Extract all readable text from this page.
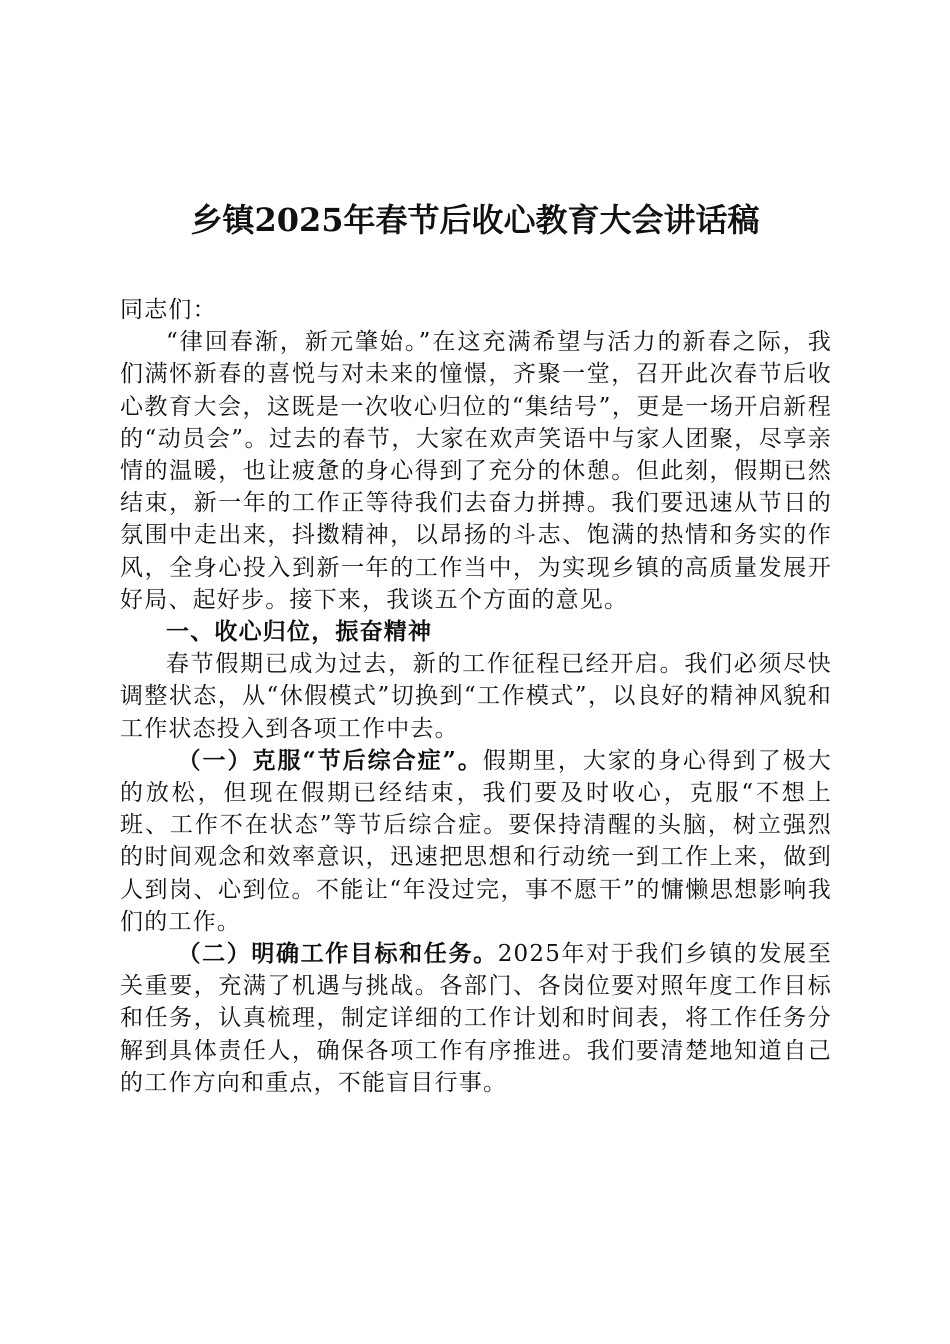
乡镇2025年春节后收心教育大会讲话稿

同志们：

“律回春渐，新元肇始。”在这充满希望与活力的新春之际，我们满怀新春的喜悦与对未来的憧憬，齐聚一堂，召开此次春节后收心教育大会，这既是一次收心归位的“集结号”，更是一场开启新程的“动员会”。过去的春节，大家在欢声笑语中与家人团聚，尽享亲情的温暖，也让疲惫的身心得到了充分的休憩。但此刻，假期已然结束，新一年的工作正等待我们去奋力拼搏。我们要迅速从节日的氛围中走出来，抖擞精神，以昂扬的斗志、饱满的热情和务实的作风，全身心投入到新一年的工作当中，为实现乡镇的高质量发展开好局、起好步。接下来，我谈五个方面的意见。

一、收心归位，振奋精神

春节假期已成为过去，新的工作征程已经开启。我们必须尽快调整状态，从“休假模式”切换到“工作模式”，以良好的精神风貌和工作状态投入到各项工作中去。

（一）克服“节后综合症”。假期里，大家的身心得到了极大的放松，但现在假期已经结束，我们要及时收心，克服“不想上班、工作不在状态”等节后综合症。要保持清醒的头脑，树立强烈的时间观念和效率意识，迅速把思想和行动统一到工作上来，做到人到岗、心到位。不能让“年没过完，事不愿干”的慵懒思想影响我们的工作。

（二）明确工作目标和任务。2025年对于我们乡镇的发展至关重要，充满了机遇与挑战。各部门、各岗位要对照年度工作目标和任务，认真梳理，制定详细的工作计划和时间表，将工作任务分解到具体责任人，确保各项工作有序推进。我们要清楚地知道自己的工作方向和重点，不能盲目行事。
